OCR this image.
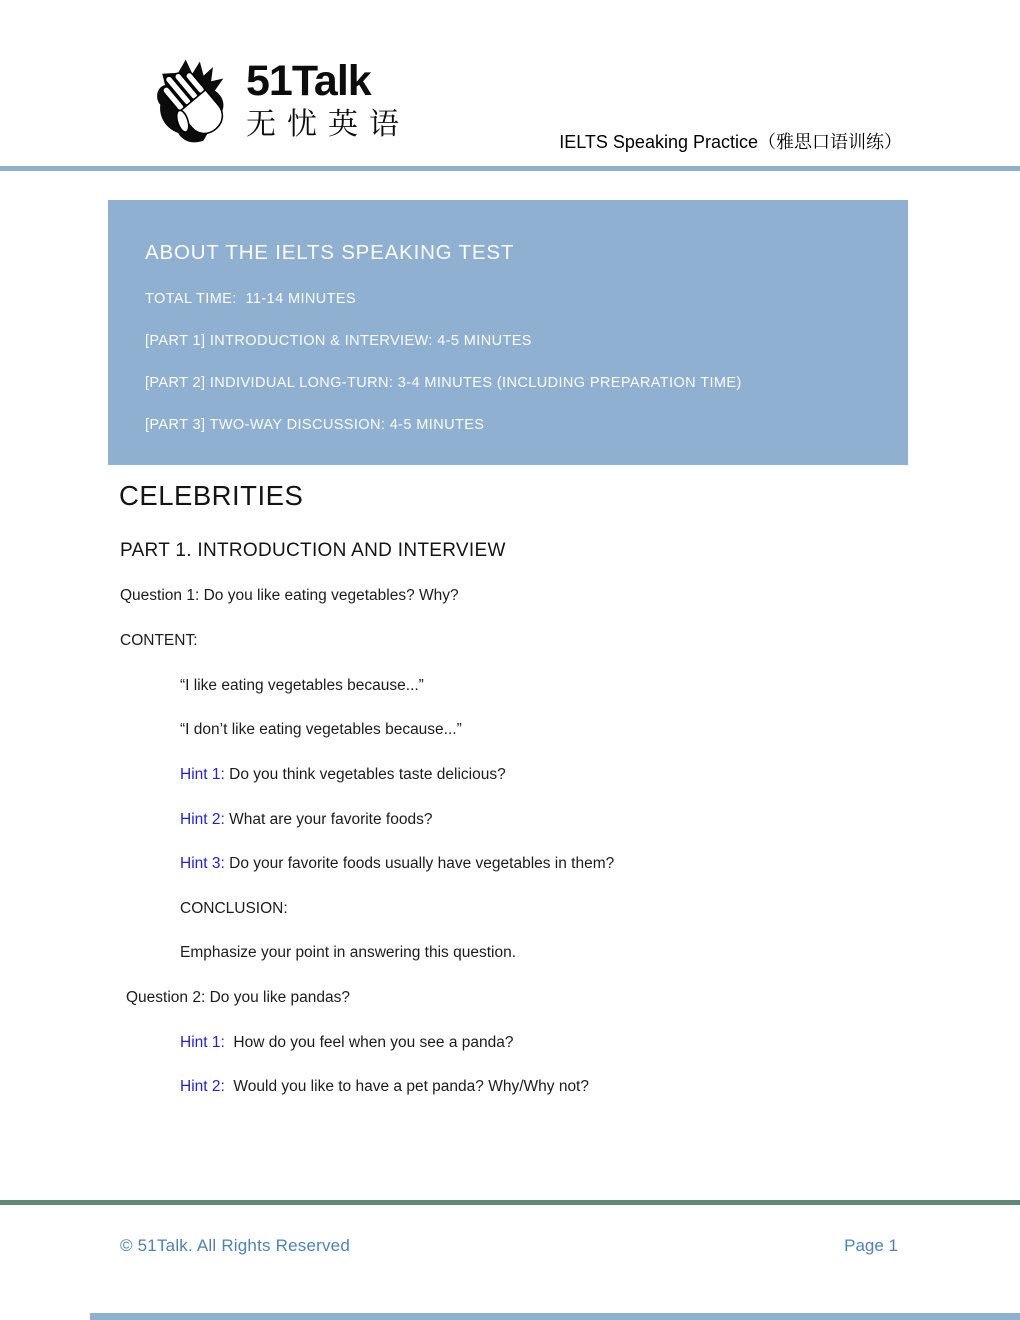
51Talk
无忧英语
IELTS Speaking Practice（雅思口语训练）
ABOUT THE IELTS SPEAKING TEST
TOTAL TIME:  11-14 MINUTES
[PART 1] INTRODUCTION & INTERVIEW: 4-5 MINUTES
[PART 2] INDIVIDUAL LONG-TURN: 3-4 MINUTES (INCLUDING PREPARATION TIME)
[PART 3] TWO-WAY DISCUSSION: 4-5 MINUTES
CELEBRITIES
PART 1. INTRODUCTION AND INTERVIEW

Question 1: Do you like eating vegetables? Why?

CONTENT:

“I like eating vegetables because...”

“I don’t like eating vegetables because...”

Hint 1: Do you think vegetables taste delicious?

Hint 2: What are your favorite foods?

Hint 3: Do your favorite foods usually have vegetables in them?

CONCLUSION:

Emphasize your point in answering this question.

Question 2: Do you like pandas?

Hint 1:  How do you feel when you see a panda?

Hint 2:  Would you like to have a pet panda? Why/Why not?

© 51Talk. All Rights Reserved	Page 1
